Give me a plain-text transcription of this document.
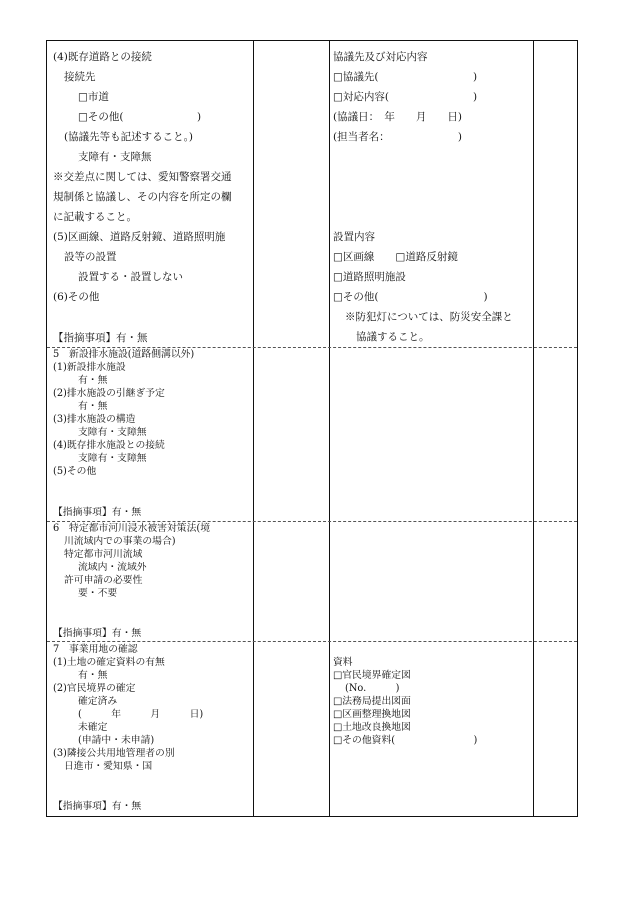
(4)既存道路との接続
接続先
□市道
□その他(　　　　　　　)
(協議先等も記述すること。)
支障有・支障無
※交差点に関しては、愛知警察署交通
規制係と協議し、その内容を所定の欄
に記載すること。
(5)区画線、道路反射鏡、道路照明施
設等の設置
設置する・設置しない
(6)その他
【指摘事項】有・無
協議先及び対応内容
□協議先(　　　　　　　　　)
□対応内容(　　　　　　　　)
(協議日：　年　　月　　日)
(担当者名：　　　　　　　)
設置内容
□区画線　　□道路反射鏡
□道路照明施設
□その他(　　　　　　　　　　)
※防犯灯については、防災安全課と
協議すること。
5　新設排水施設(道路側溝以外)
(1)新設排水施設
有・無
(2)排水施設の引継ぎ予定
有・無
(3)排水施設の構造
支障有・支障無
(4)既存排水施設との接続
支障有・支障無
(5)その他
【指摘事項】有・無
6　特定都市河川浸水被害対策法(境
川流域内での事業の場合)
特定都市河川流域
流域内・流域外
許可申請の必要性
要・不要
【指摘事項】有・無
7　事業用地の確認
(1)土地の確定資料の有無
有・無
(2)官民境界の確定
確定済み
(　　　年　　　月　　　日)
未確定
(申請中・未申請)
(3)隣接公共用地管理者の別
日進市・愛知県・国
【指摘事項】有・無
資料
□官民境界確定図
(No.　　　)
□法務局提出図面
□区画整理換地図
□土地改良換地図
□その他資料(　　　　　　　　)
